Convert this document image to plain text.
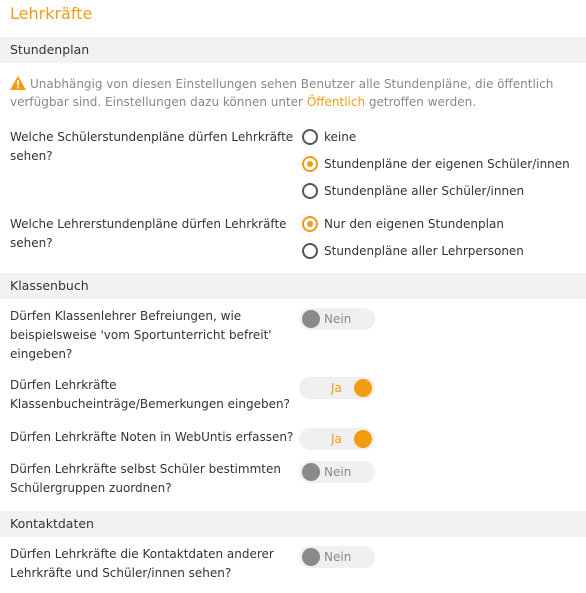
Lehrkräfte
Stundenplan
Unabhängig von diesen Einstellungen sehen Benutzer alle Stundenpläne, die öffentlich verfügbar sind. Einstellungen dazu können unter Öffentlich getroffen werden.
Welche Schülerstundenpläne dürfen Lehrkräfte sehen?
keine
Stundenpläne der eigenen Schüler/innen
Stundenpläne aller Schüler/innen
Welche Lehrerstundenpläne dürfen Lehrkräfte sehen?
Nur den eigenen Stundenplan
Stundenpläne aller Lehrpersonen
Klassenbuch
Dürfen Klassenlehrer Befreiungen, wie beispielsweise 'vom Sportunterricht befreit' eingeben?
Nein
Dürfen Lehrkräfte Klassenbucheinträge/Bemerkungen eingeben?
Ja
Dürfen Lehrkräfte Noten in WebUntis erfassen?	Ja
Dürfen Lehrkräfte selbst Schüler bestimmten Schülergruppen zuordnen?
Nein
Kontaktdaten
Dürfen Lehrkräfte die Kontaktdaten anderer Lehrkräfte und Schüler/innen sehen?
Nein
